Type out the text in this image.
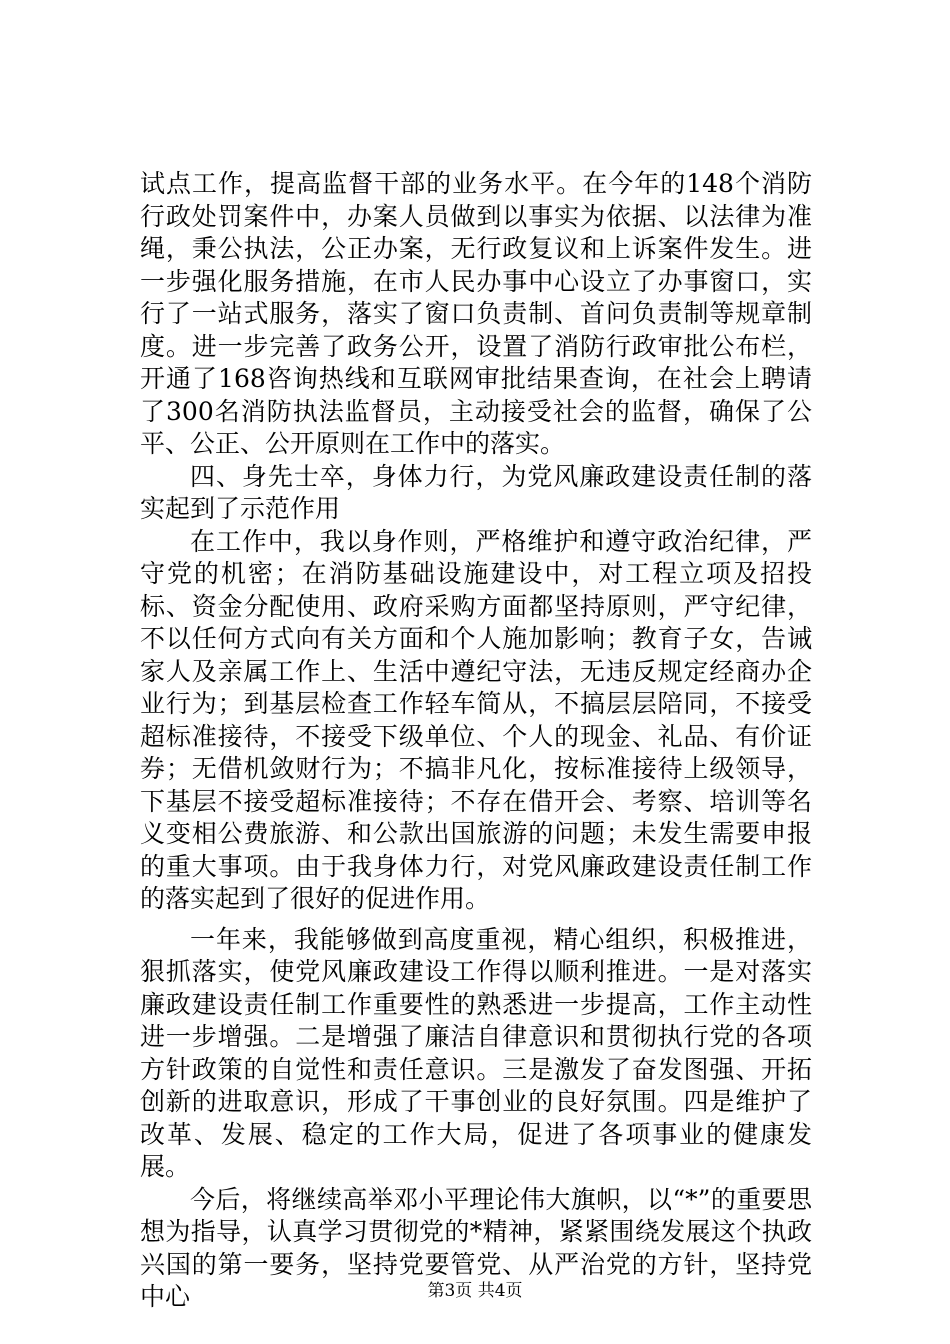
试点工作，提高监督干部的业务水平。在今年的148个消防行政处罚案件中，办案人员做到以事实为依据、以法律为准绳，秉公执法，公正办案，无行政复议和上诉案件发生。进一步强化服务措施，在市人民办事中心设立了办事窗口，实行了一站式服务，落实了窗口负责制、首问负责制等规章制度。进一步完善了政务公开，设置了消防行政审批公布栏，开通了168咨询热线和互联网审批结果查询，在社会上聘请了300名消防执法监督员，主动接受社会的监督，确保了公平、公正、公开原则在工作中的落实。

四、身先士卒，身体力行，为党风廉政建设责任制的落实起到了示范作用

在工作中，我以身作则，严格维护和遵守政治纪律，严守党的机密；在消防基础设施建设中，对工程立项及招投标、资金分配使用、政府采购方面都坚持原则，严守纪律，不以任何方式向有关方面和个人施加影响；教育子女，告诫家人及亲属工作上、生活中遵纪守法，无违反规定经商办企业行为；到基层检查工作轻车简从，不搞层层陪同，不接受超标准接待，不接受下级单位、个人的现金、礼品、有价证券；无借机敛财行为；不搞非凡化，按标准接待上级领导，下基层不接受超标准接待；不存在借开会、考察、培训等名义变相公费旅游、和公款出国旅游的问题；未发生需要申报的重大事项。由于我身体力行，对党风廉政建设责任制工作的落实起到了很好的促进作用。

一年来，我能够做到高度重视，精心组织，积极推进，狠抓落实，使党风廉政建设工作得以顺利推进。一是对落实廉政建设责任制工作重要性的熟悉进一步提高，工作主动性进一步增强。二是增强了廉洁自律意识和贯彻执行党的各项方针政策的自觉性和责任意识。三是激发了奋发图强、开拓创新的进取意识，形成了干事创业的良好氛围。四是维护了改革、发展、稳定的工作大局，促进了各项事业的健康发展。

今后，将继续高举邓小平理论伟大旗帜，以“*”的重要思想为指导，认真学习贯彻党的*精神，紧紧围绕发展这个执政兴国的第一要务，坚持党要管党、从严治党的方针，坚持党中心	第3页 共4页
